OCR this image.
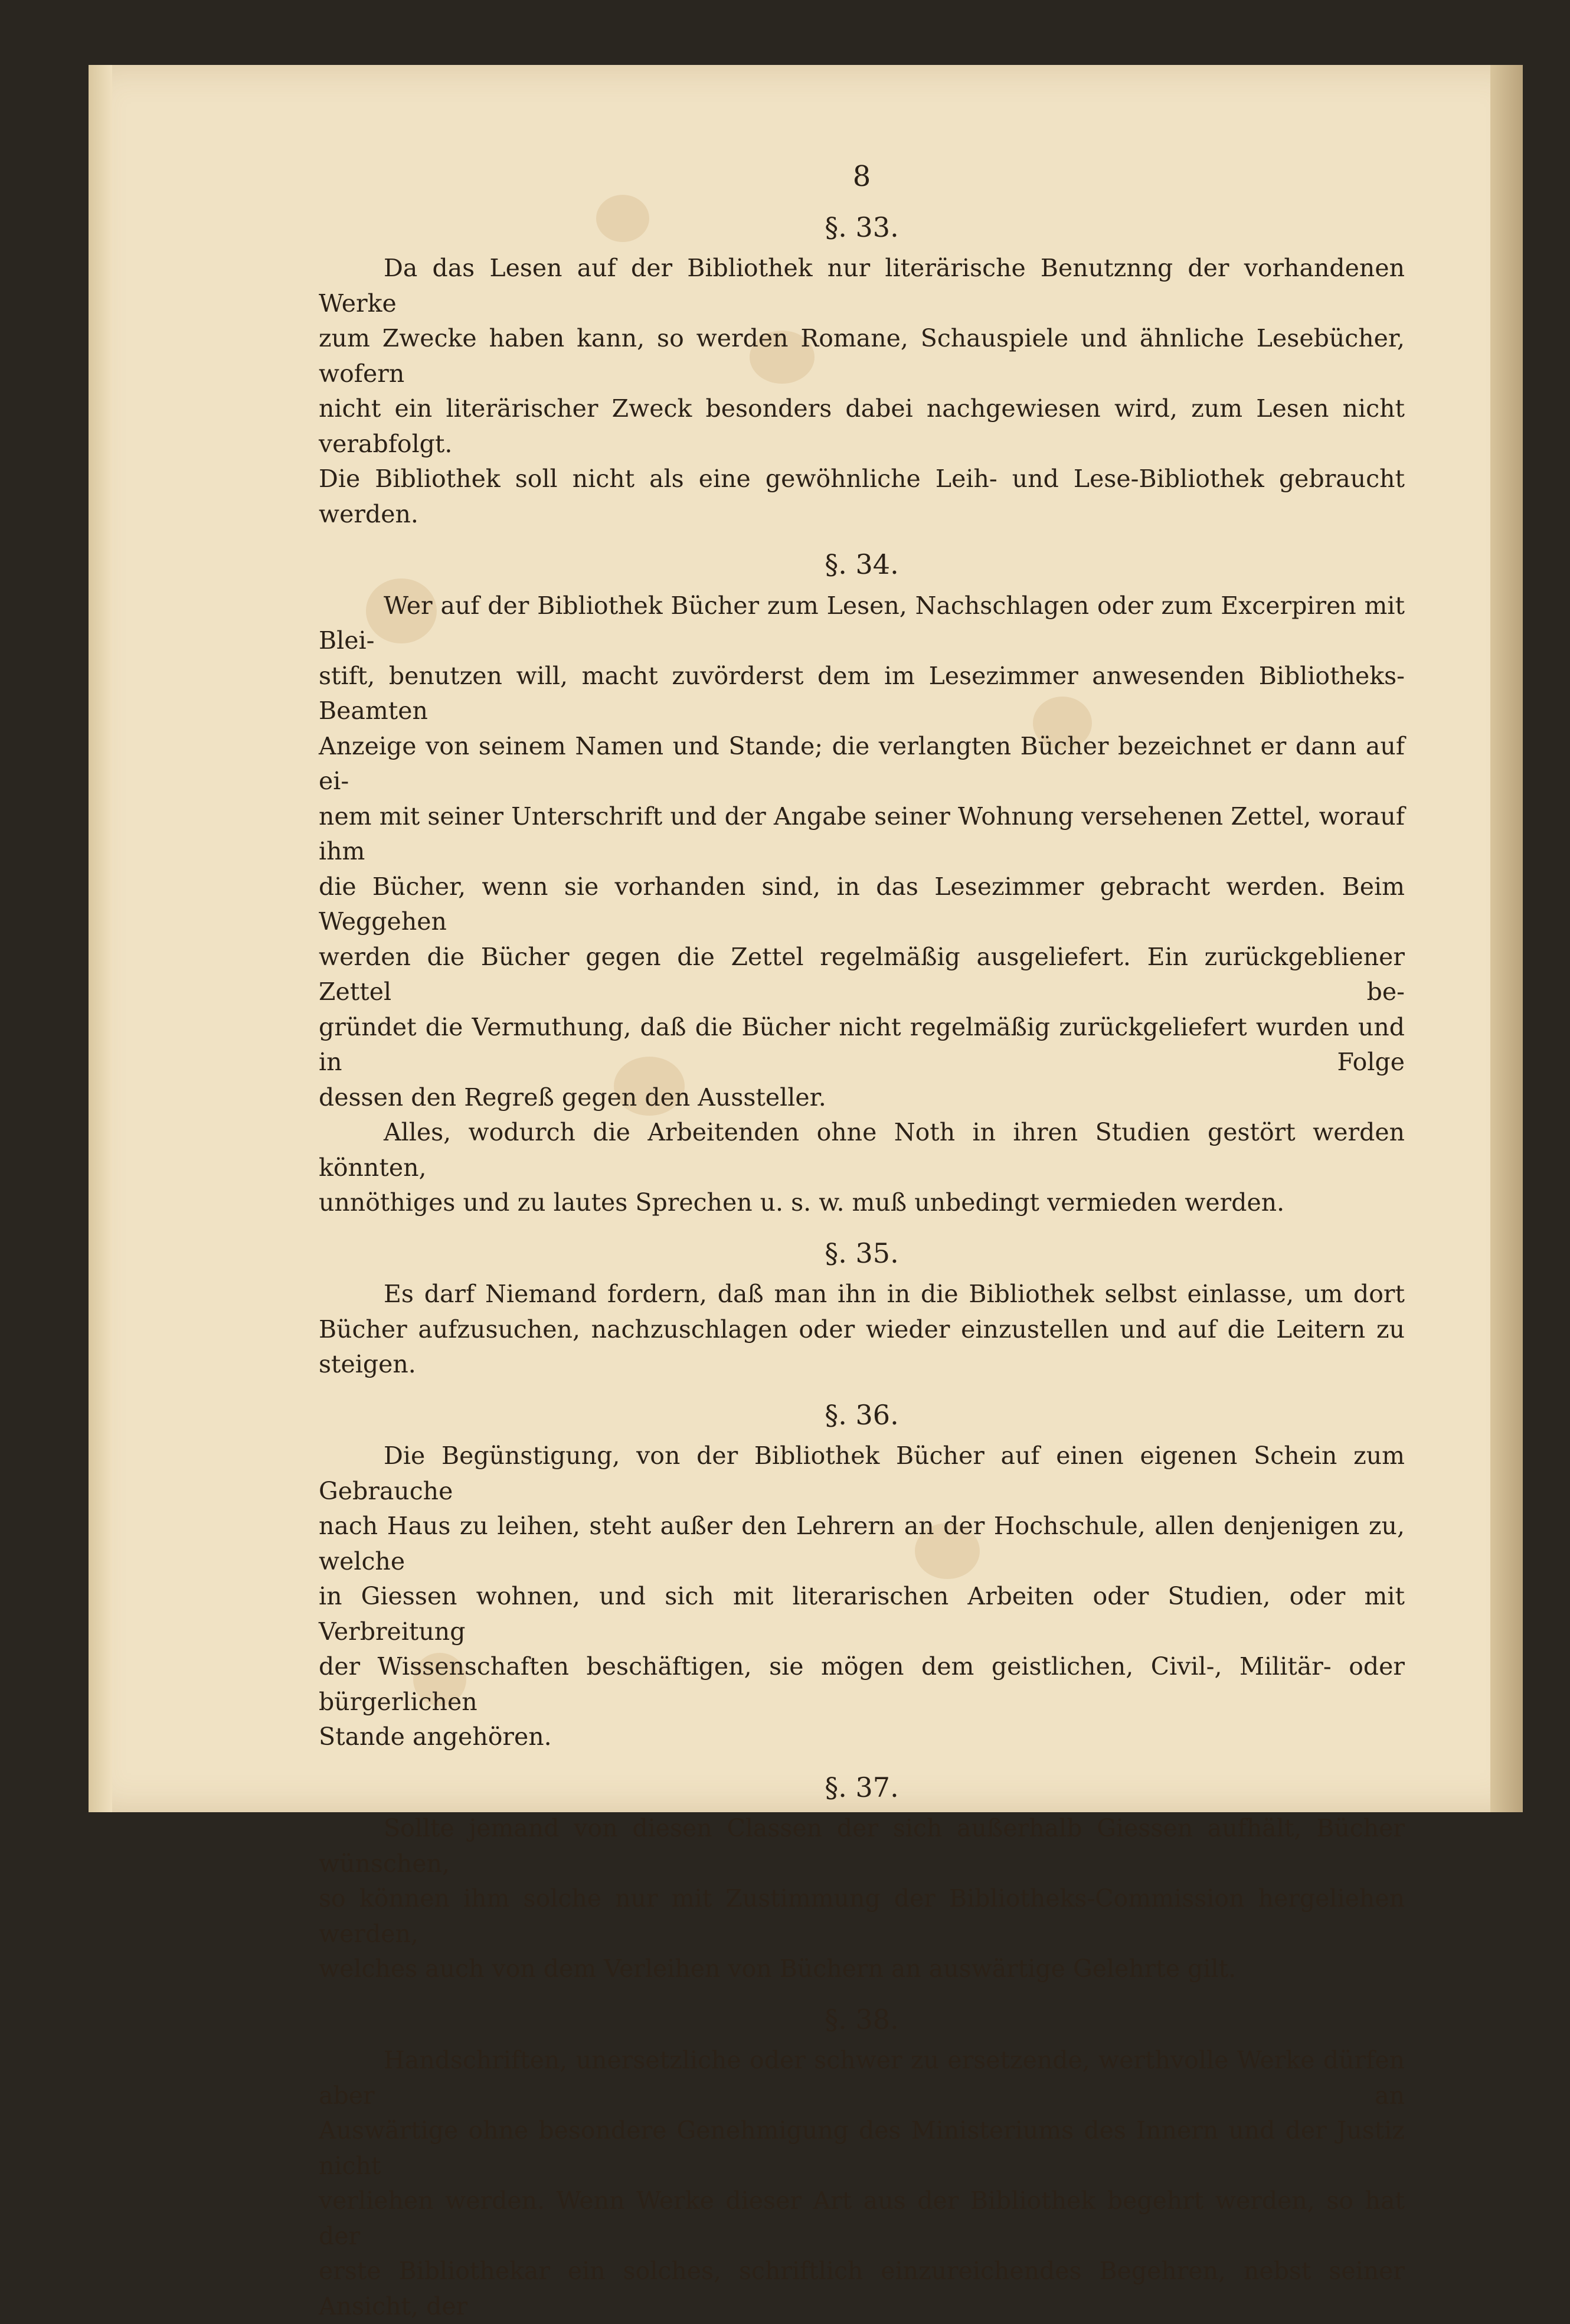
8
§. 33.
Da das Lesen auf der Bibliothek nur literärische Benutznng der vorhandenen Werke
zum Zwecke haben kann, so werden Romane, Schauspiele und ähnliche Lesebücher, wofern
nicht ein literärischer Zweck besonders dabei nachgewiesen wird, zum Lesen nicht verabfolgt.
Die Bibliothek soll nicht als eine gewöhnliche Leih- und Lese-Bibliothek gebraucht werden.
§. 34.
Wer auf der Bibliothek Bücher zum Lesen, Nachschlagen oder zum Excerpiren mit Blei-
stift, benutzen will, macht zuvörderst dem im Lesezimmer anwesenden Bibliotheks-Beamten
Anzeige von seinem Namen und Stande; die verlangten Bücher bezeichnet er dann auf ei-
nem mit seiner Unterschrift und der Angabe seiner Wohnung versehenen Zettel, worauf ihm
die Bücher, wenn sie vorhanden sind, in das Lesezimmer gebracht werden. Beim Weggehen
werden die Bücher gegen die Zettel regelmäßig ausgeliefert. Ein zurückgebliener Zettel be-
gründet die Vermuthung, daß die Bücher nicht regelmäßig zurückgeliefert wurden und in Folge
dessen den Regreß gegen den Aussteller.
Alles, wodurch die Arbeitenden ohne Noth in ihren Studien gestört werden könnten,
unnöthiges und zu lautes Sprechen u. s. w. muß unbedingt vermieden werden.
§. 35.
Es darf Niemand fordern, daß man ihn in die Bibliothek selbst einlasse, um dort
Bücher aufzusuchen, nachzuschlagen oder wieder einzustellen und auf die Leitern zu steigen.
§. 36.
Die Begünstigung, von der Bibliothek Bücher auf einen eigenen Schein zum Gebrauche
nach Haus zu leihen, steht außer den Lehrern an der Hochschule, allen denjenigen zu, welche
in Giessen wohnen, und sich mit literarischen Arbeiten oder Studien, oder mit Verbreitung
der Wissenschaften beschäftigen, sie mögen dem geistlichen, Civil-, Militär- oder bürgerlichen
Stande angehören.
§. 37.
Sollte jemand von diesen Classen der sich außerhalb Giessen aufhält, Bücher wünschen,
so können ihm solche nur mit Zustimmung der Bibliotheks-Commission hergeliehen werden,
welches auch von dem Verleihen von Büchern an auswärtige Gelehrte gilt.
§. 38.
Handschriften, unersetzliche oder schwer zu ersetzende, werthvolle Werke dürfen aber an
Auswärtige ohne besondere Genehmigung des Ministeriums des Innern und der Justiz nicht
verliehen werden. Wenn Werke dieser Art aus der Bibliothek begehrt werden, so hat der
erste Bibliothekar ein solches, schriftlich einzureichendes Begehren, nebst seiner Ansicht, der
